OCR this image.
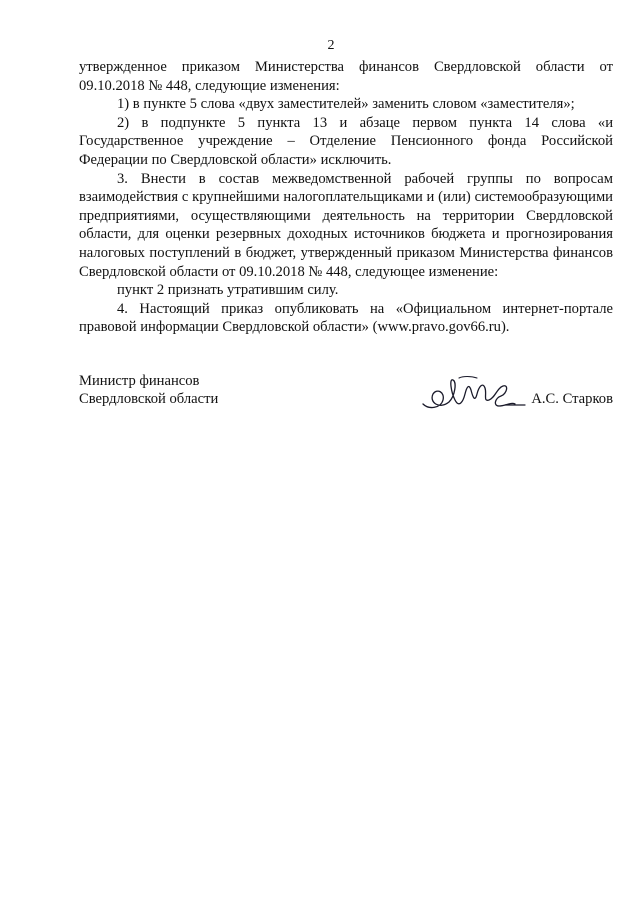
2

утвержденное приказом Министерства финансов Свердловской области от 09.10.2018 № 448, следующие изменения:

1) в пункте 5 слова «двух заместителей» заменить словом «заместителя»;

2) в подпункте 5 пункта 13 и абзаце первом пункта 14 слова «и Государственное учреждение – Отделение Пенсионного фонда Российской Федерации по Свердловской области» исключить.

3. Внести в состав межведомственной рабочей группы по вопросам взаимодействия с крупнейшими налогоплательщиками и (или) системообразующими предприятиями, осуществляющими деятельность на территории Свердловской области, для оценки резервных доходных источников бюджета и прогнозирования налоговых поступлений в бюджет, утвержденный приказом Министерства финансов Свердловской области от 09.10.2018 № 448, следующее изменение:

пункт 2 признать утратившим силу.

4. Настоящий приказ опубликовать на «Официальном интернет-портале правовой информации Свердловской области» (www.pravo.gov66.ru).

Министр финансов
Свердловской области	А.С. Старков
